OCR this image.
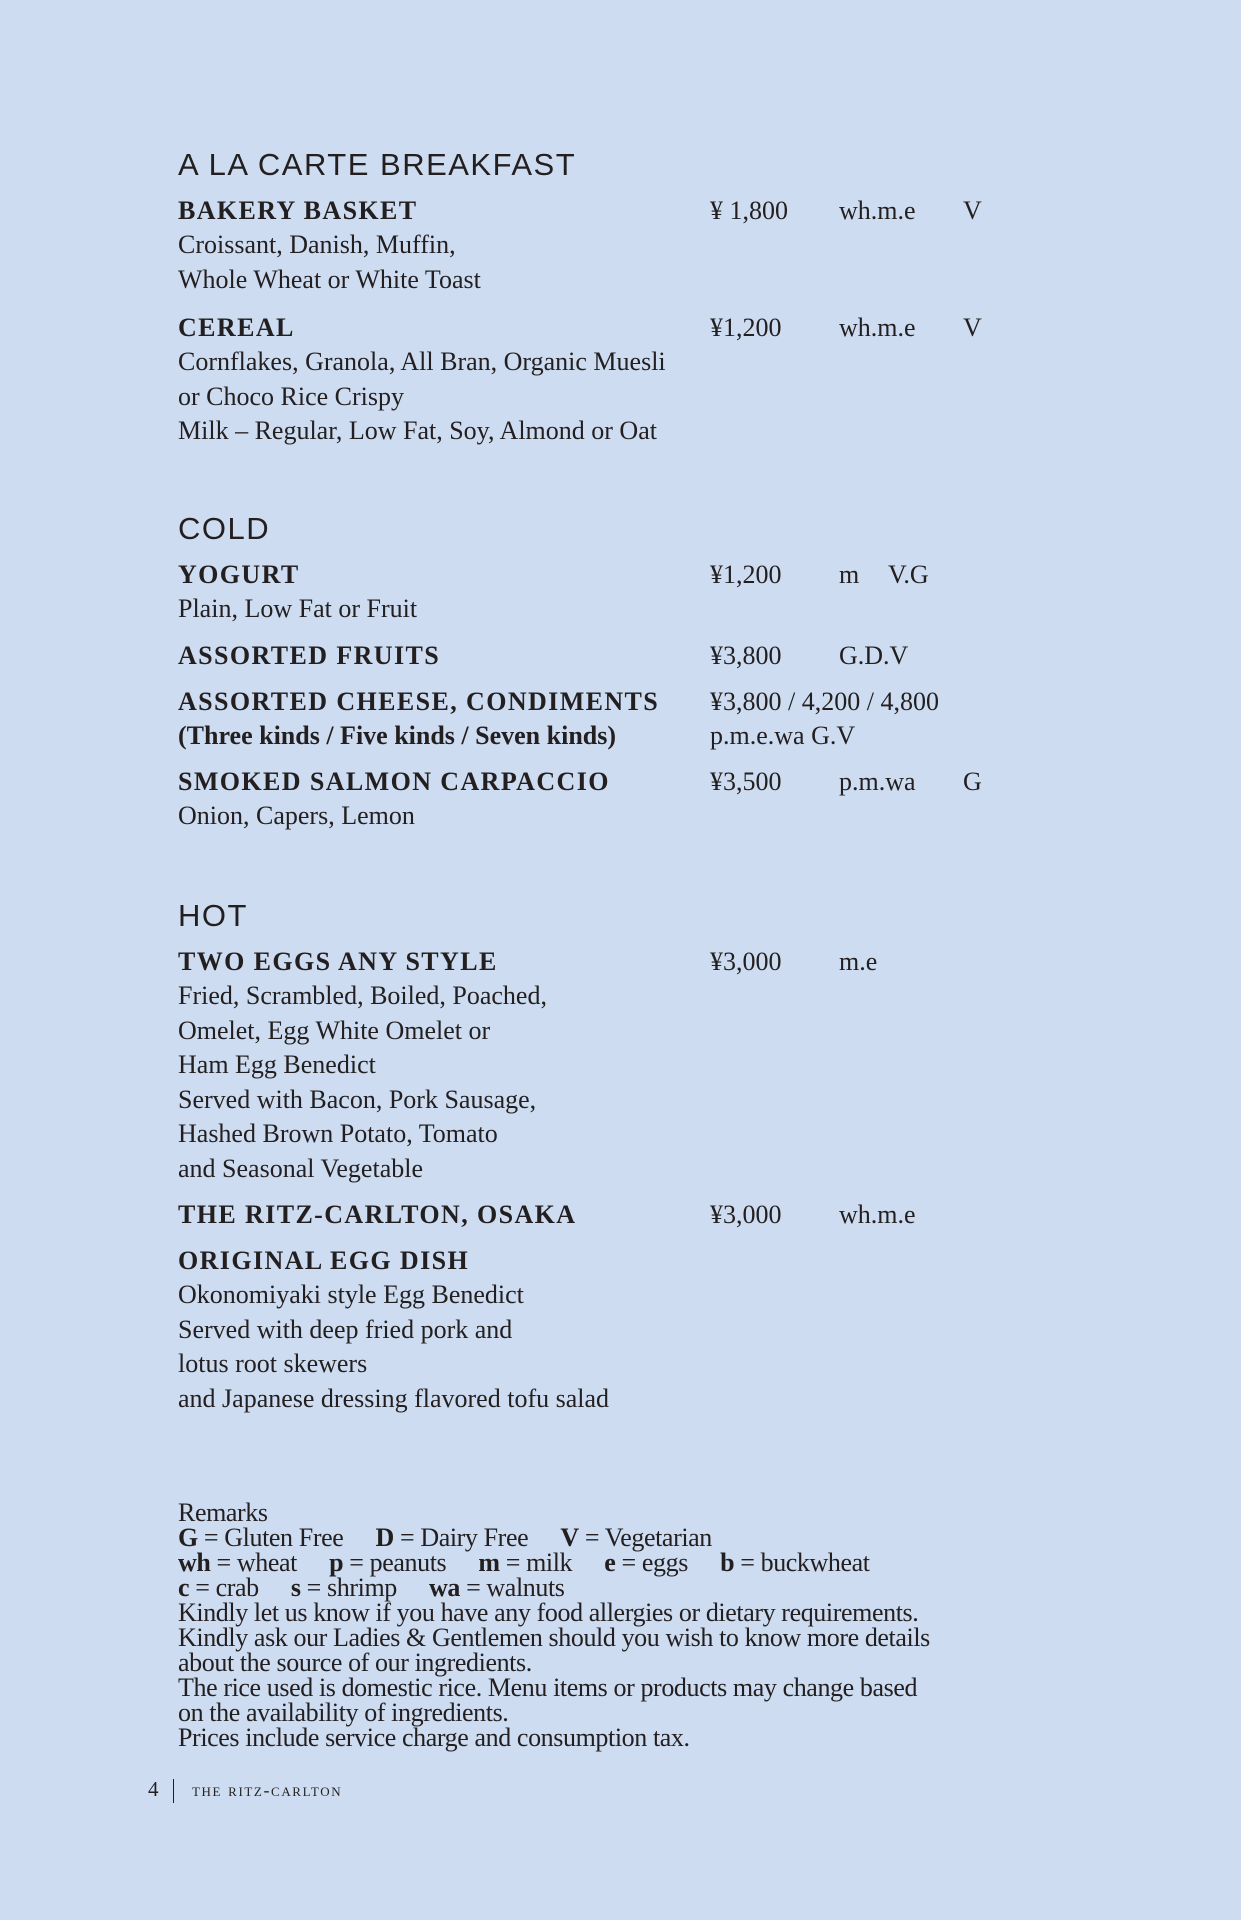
A LA CARTE BREAKFAST
BAKERY BASKET	¥ 1,800 wh.m.e V
Croissant, Danish, Muffin,
Whole Wheat or White Toast
CEREAL	¥1,200 wh.m.e V
Cornflakes, Granola, All Bran, Organic Muesli
or Choco Rice Crispy
Milk – Regular, Low Fat, Soy, Almond or Oat
COLD
YOGURT	¥1,200 m V.G
Plain, Low Fat or Fruit
ASSORTED FRUITS	¥3,800 G.D.V
ASSORTED CHEESE, CONDIMENTS ¥3,800 / 4,200 / 4,800
(Three kinds / Five kinds / Seven kinds)	p.m.e.wa G.V
SMOKED SALMON CARPACCIO	¥3,500 p.m.wa G
Onion, Capers, Lemon
HOT
TWO EGGS ANY STYLE	¥3,000 m.e
Fried, Scrambled, Boiled, Poached,
Omelet, Egg White Omelet or
Ham Egg Benedict
Served with Bacon, Pork Sausage,
Hashed Brown Potato, Tomato
and Seasonal Vegetable
THE RITZ-CARLTON, OSAKA	¥3,000 wh.m.e
ORIGINAL EGG DISH
Okonomiyaki style Egg Benedict
Served with deep fried pork and
lotus root skewers
and Japanese dressing flavored tofu salad
Remarks
G = Gluten Free D = Dairy Free V = Vegetarian
wh = wheat p = peanuts m = milk e = eggs b = buckwheat
c = crab s = shrimp wa = walnuts
Kindly let us know if you have any food allergies or dietary requirements.
Kindly ask our Ladies & Gentlemen should you wish to know more details
about the source of our ingredients.
The rice used is domestic rice. Menu items or products may change based
on the availability of ingredients.
Prices include service charge and consumption tax.
4 the ritz-carlton
